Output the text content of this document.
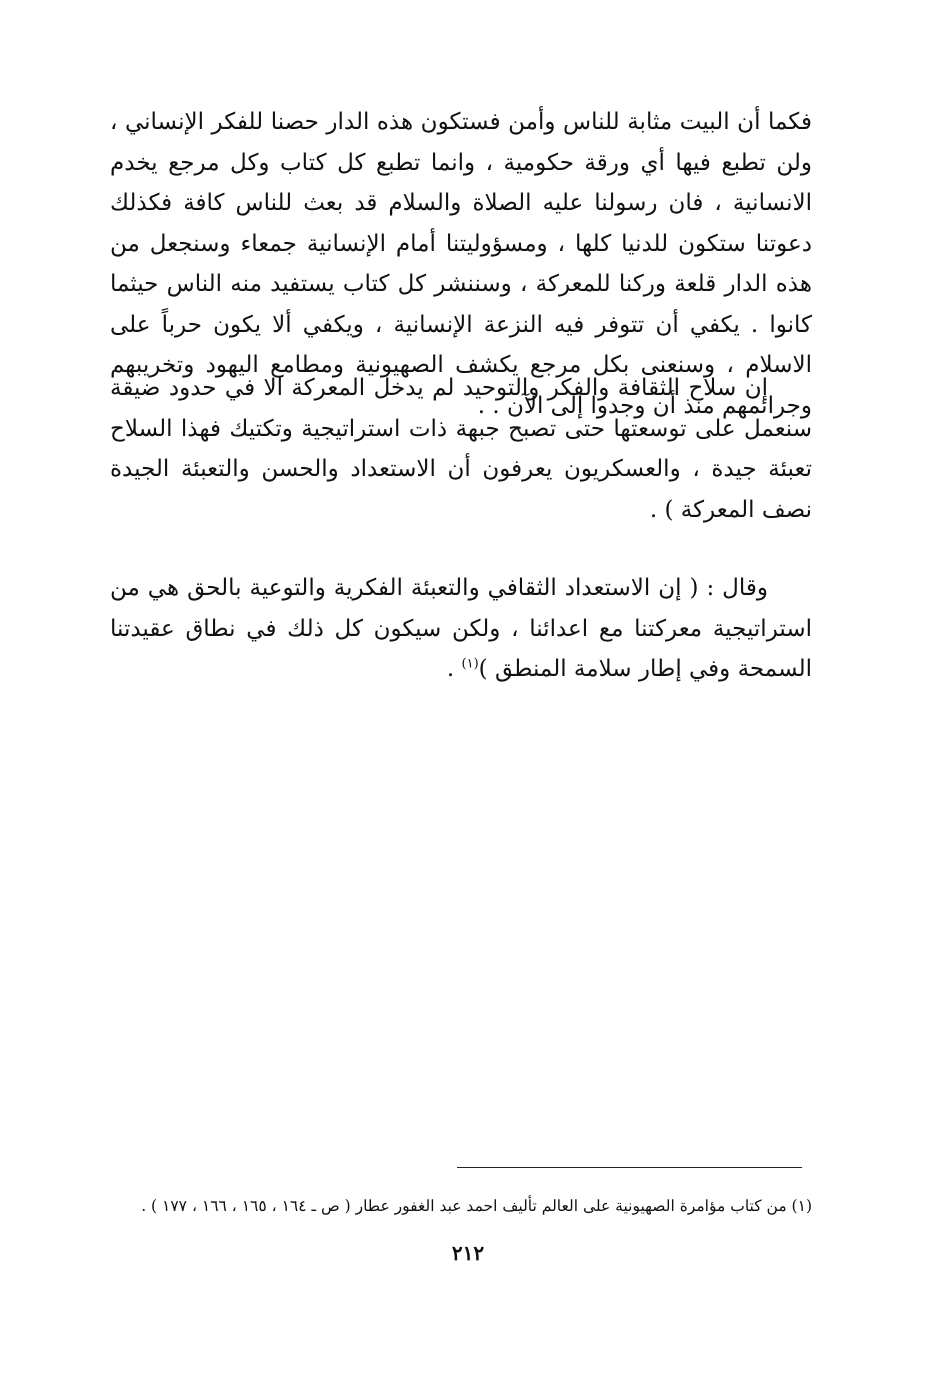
فكما أن البيت مثابة للناس وأمن فستكون هذه الدار حصنا للفكر الإنساني ، ولن تطبع فيها أي ورقة حكومية ، وانما تطبع كل كتاب وكل مرجع يخدم الانسانية ، فان رسولنا عليه الصلاة والسلام قد بعث للناس كافة فكذلك دعوتنا ستكون للدنيا كلها ، ومسؤوليتنا أمام الإنسانية جمعاء وسنجعل من هذه الدار قلعة وركنا للمعركة ، وسننشر كل كتاب يستفيد منه الناس حيثما كانوا . يكفي أن تتوفر فيه النزعة الإنسانية ، ويكفي ألا يكون حرباً على الاسلام ، وسنعنى بكل مرجع يكشف الصهيونية ومطامع اليهود وتخريبهم وجرائمهم منذ أن وجدوا إلى الآن . .

إن سلاح الثقافة والفكر والتوحيد لم يدخل المعركة الا في حدود ضيقة سنعمل على توسعتها حتى تصبح جبهة ذات استراتيجية وتكتيك فهذا السلاح تعبئة جيدة ، والعسكريون يعرفون أن الاستعداد والحسن والتعبئة الجيدة نصف المعركة ) .

وقال : ( إن الاستعداد الثقافي والتعبئة الفكرية والتوعية بالحق هي من استراتيجية معركتنا مع اعدائنا ، ولكن سيكون كل ذلك في نطاق عقيدتنا السمحة وفي إطار سلامة المنطق )$^{(١)}$ .

(١) من كتاب مؤامرة الصهيونية على العالم تأليف احمد عبد الغفور عطار ( ص ـ ١٦٤ ، ١٦٥ ، ١٦٦ ، ١٧٧ ) .

٢١٢
